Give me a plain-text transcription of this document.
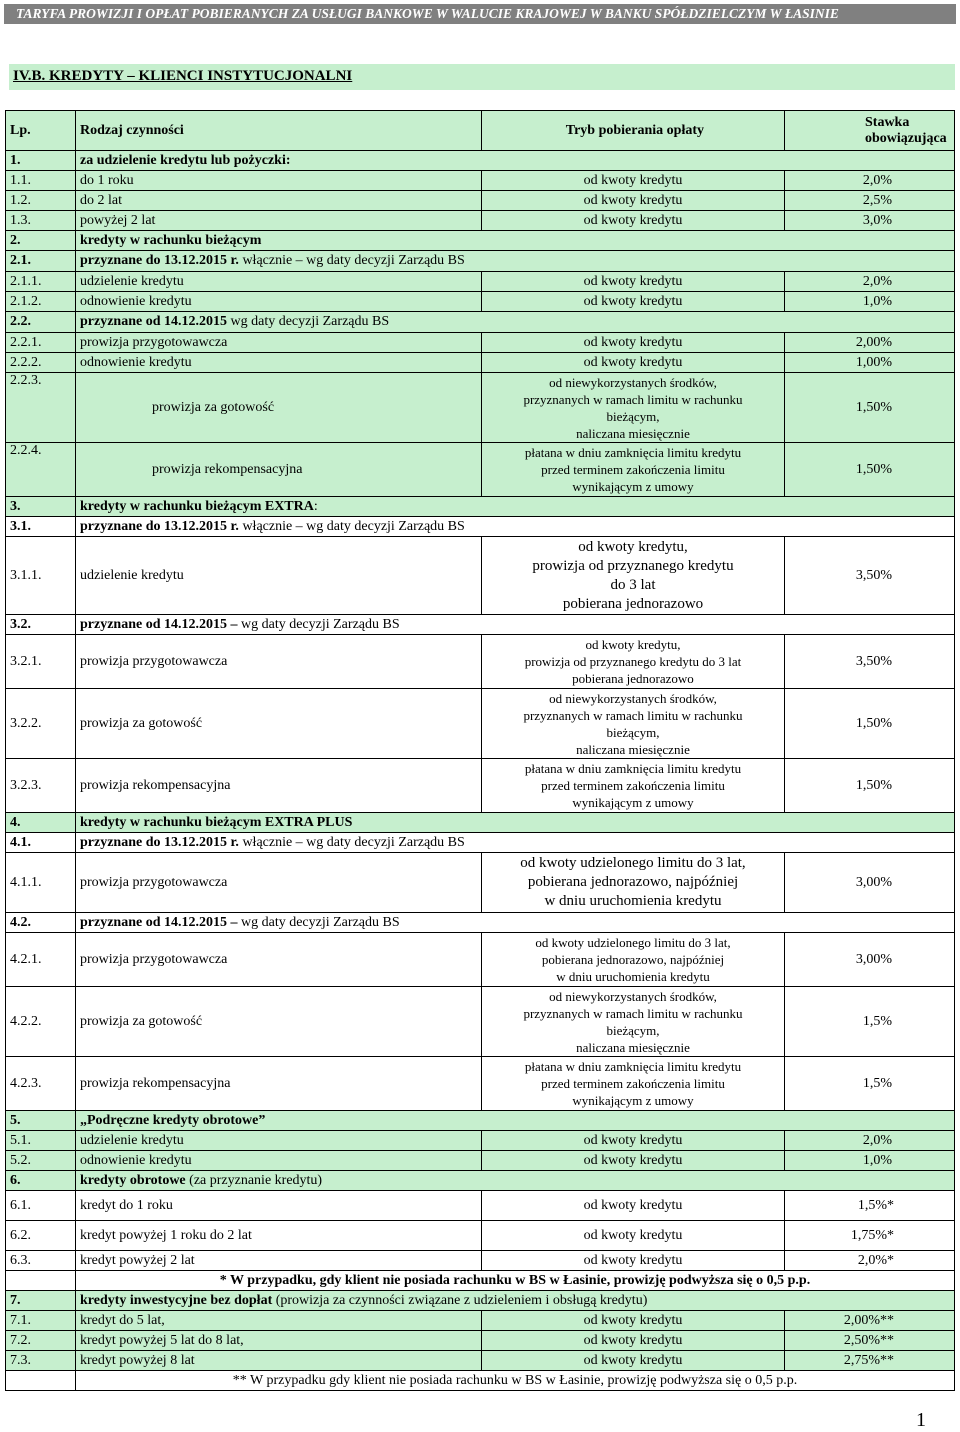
TARYFA PROWIZJI I OPŁAT POBIERANYCH ZA USŁUGI BANKOWE W WALUCIE KRAJOWEJ W BANKU SPÓŁDZIELCZYM W ŁASINIE
IV.B. KREDYTY – KLIENCI INSTYTUCJONALNI
Lp.	Rodzaj czynności	Tryb pobierania opłaty	Stawka
obowiązująca

1.	za udzielenie kredytu lub pożyczki:		
1.1.	do 1 roku	od kwoty kredytu	2,0%
1.2.	do 2 lat	od kwoty kredytu	2,5%
1.3.	powyżej 2 lat	od kwoty kredytu	3,0%
2.	kredyty w rachunku bieżącym		
2.1.	przyznane do 13.12.2015 r. włącznie – wg daty decyzji Zarządu BS		
2.1.1.	udzielenie kredytu	od kwoty kredytu	2,0%
2.1.2.	odnowienie kredytu	od kwoty kredytu	1,0%
2.2.	przyznane od 14.12.2015 wg daty decyzji Zarządu BS		
2.2.1.	prowizja przygotowawcza	od kwoty kredytu	2,00%
2.2.2.	odnowienie kredytu	od kwoty kredytu	1,00%
2.2.3.	prowizja za gotowość	od niewykorzystanych środków,
przyznanych w ramach limitu w rachunku
bieżącym,
naliczana miesięcznie	1,50%
2.2.4.	prowizja rekompensacyjna	płatana w dniu zamknięcia limitu kredytu
przed terminem zakończenia limitu
wynikającym z umowy	1,50%
3.	kredyty w rachunku bieżącym EXTRA:		
3.1.	przyznane do 13.12.2015 r. włącznie – wg daty decyzji Zarządu BS		
3.1.1.	udzielenie kredytu	od kwoty kredytu,
prowizja od przyznanego kredytu
do 3 lat
pobierana jednorazowo	3,50%
3.2.	przyznane od 14.12.2015 – wg daty decyzji Zarządu BS		
3.2.1.	prowizja przygotowawcza	od kwoty kredytu,
prowizja od przyznanego kredytu do 3 lat
pobierana jednorazowo	3,50%
3.2.2.	prowizja za gotowość	od niewykorzystanych środków,
przyznanych w ramach limitu w rachunku
bieżącym,
naliczana miesięcznie	1,50%
3.2.3.	prowizja rekompensacyjna	płatana w dniu zamknięcia limitu kredytu
przed terminem zakończenia limitu
wynikającym z umowy	1,50%
4.	kredyty w rachunku bieżącym EXTRA PLUS		
4.1.	przyznane do 13.12.2015 r. włącznie – wg daty decyzji Zarządu BS		
4.1.1.	prowizja przygotowawcza	od kwoty udzielonego limitu do 3 lat,
pobierana jednorazowo, najpóźniej
w dniu uruchomienia kredytu	3,00%
4.2.	przyznane od 14.12.2015 – wg daty decyzji Zarządu BS		
4.2.1.	prowizja przygotowawcza	od kwoty udzielonego limitu do 3 lat,
pobierana jednorazowo, najpóźniej
w dniu uruchomienia kredytu	3,00%
4.2.2.	prowizja za gotowość	od niewykorzystanych środków,
przyznanych w ramach limitu w rachunku
bieżącym,
naliczana miesięcznie	1,5%
4.2.3.	prowizja rekompensacyjna	płatana w dniu zamknięcia limitu kredytu
przed terminem zakończenia limitu
wynikającym z umowy	1,5%
5.	„Podręczne kredyty obrotowe”		
5.1.	udzielenie kredytu	od kwoty kredytu	2,0%
5.2.	odnowienie kredytu	od kwoty kredytu	1,0%
6.	kredyty obrotowe (za przyznanie kredytu)		
6.1.	kredyt do 1 roku	od kwoty kredytu	1,5%*
6.2.	kredyt powyżej 1 roku do 2 lat	od kwoty kredytu	1,75%*
6.3.	kredyt powyżej 2 lat	od kwoty kredytu	2,0%*
	* W przypadku, gdy klient nie posiada rachunku w BS w Łasinie, prowizję podwyższa się o 0,5 p.p.		
7.	kredyty inwestycyjne bez dopłat (prowizja za czynności związane z udzieleniem i obsługą kredytu)		
7.1.	kredyt do 5 lat,	od kwoty kredytu	2,00%**
7.2.	kredyt powyżej 5 lat do 8 lat,	od kwoty kredytu	2,50%**
7.3.	kredyt powyżej 8 lat	od kwoty kredytu	2,75%**
	** W przypadku gdy klient nie posiada rachunku w BS w Łasinie, prowizję podwyższa się o 0,5 p.p.		
1
